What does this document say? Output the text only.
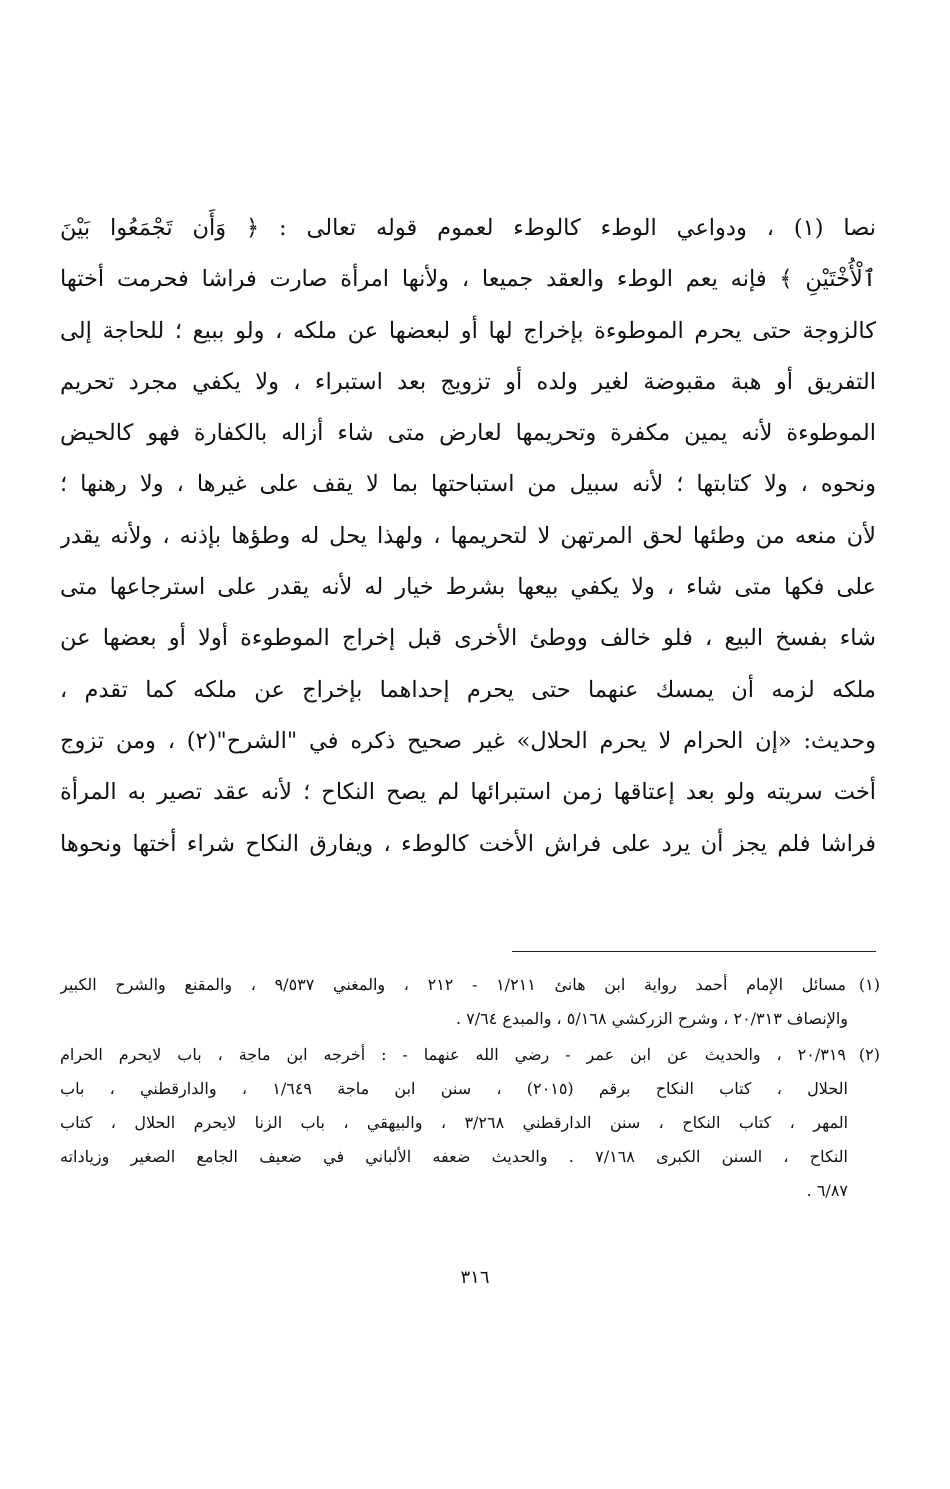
نصا (١) ، ودواعي الوطء كالوطء لعموم قوله تعالى : ﴿ وَأَن تَجْمَعُوا بَيْنَ
ٱلْأُخْتَيْنِ ﴾ فإنه يعم الوطء والعقد جميعا ، ولأنها امرأة صارت فراشا فحرمت أختها
كالزوجة حتى يحرم الموطوءة بإخراج لها أو لبعضها عن ملكه ، ولو ببيع ؛ للحاجة إلى
التفريق أو هبة مقبوضة لغير ولده أو تزويج بعد استبراء ، ولا يكفي مجرد تحريم
الموطوءة لأنه يمين مكفرة وتحريمها لعارض متى شاء أزاله بالكفارة فهو كالحيض
ونحوه ، ولا كتابتها ؛ لأنه سبيل من استباحتها بما لا يقف على غيرها ، ولا رهنها ؛
لأن منعه من وطئها لحق المرتهن لا لتحريمها ، ولهذا يحل له وطؤها بإذنه ، ولأنه يقدر
على فكها متى شاء ، ولا يكفي بيعها بشرط خيار له لأنه يقدر على استرجاعها متى
شاء بفسخ البيع ، فلو خالف ووطئ الأخرى قبل إخراج الموطوءة أولا أو بعضها عن
ملكه لزمه أن يمسك عنهما حتى يحرم إحداهما بإخراج عن ملكه كما تقدم ،
وحديث: «إن الحرام لا يحرم الحلال» غير صحيح ذكره في "الشرح"(٢) ، ومن تزوج
أخت سريته ولو بعد إعتاقها زمن استبرائها لم يصح النكاح ؛ لأنه عقد تصير به المرأة
فراشا فلم يجز أن يرد على فراش الأخت كالوطء ، ويفارق النكاح شراء أختها ونحوها
(١)
مسائل الإمام أحمد رواية ابن هانئ ١/٢١١ - ٢١٢ ، والمغني ٩/٥٣٧ ، والمقنع والشرح الكبير
والإنصاف ٢٠/٣١٣ ، وشرح الزركشي ٥/١٦٨ ، والمبدع ٧/٦٤ .
(٢)
٢٠/٣١٩ ، والحديث عن ابن عمر - رضي الله عنهما - : أخرجه ابن ماجة ، باب لايحرم الحرام
الحلال ، كتاب النكاح برقم (٢٠١٥) ، سنن ابن ماجة ١/٦٤٩ ، والدارقطني ، باب
المهر ، كتاب النكاح ، سنن الدارقطني ٣/٢٦٨ ، والبيهقي ، باب الزنا لايحرم الحلال ، كتاب
النكاح ، السنن الكبرى ٧/١٦٨ . والحديث ضعفه الألباني في ضعيف الجامع الصغير وزياداته
٦/٨٧ .
٣١٦
